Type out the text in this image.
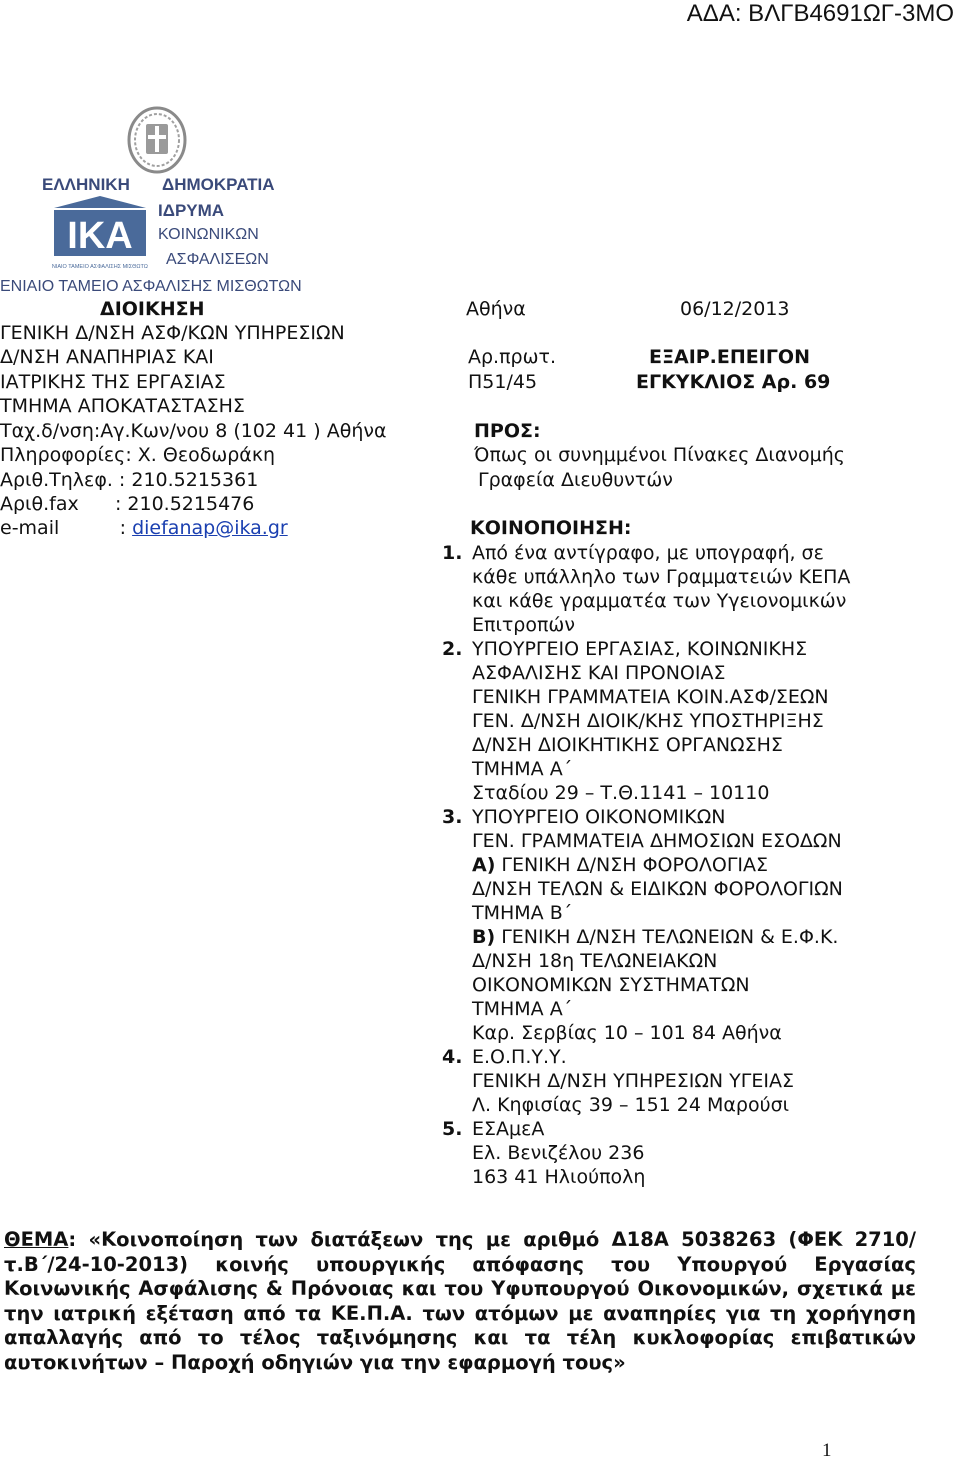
ΑΔΑ: ΒΛΓΒ4691ΩΓ-3ΜΟ
ΕΛΛΗΝΙΚΗ ΔΗΜΟΚΡΑΤΙΑ
ΙΚΑ
ΕΝΙΑΙΟ ΤΑΜΕΙΟ ΑΣΦΑΛΙΣΗΣ ΜΙΣΘΩΤΩΝ
ΙΔΡΥΜΑ
ΚΟΙΝΩΝΙΚΩΝ
ΑΣΦΑΛΙΣΕΩΝ
ΕΝΙΑΙΟ ΤΑΜΕΙΟ ΑΣΦΑΛΙΣΗΣ ΜΙΣΘΩΤΩΝ
ΔΙΟΙΚΗΣΗ
ΓΕΝΙΚΗ Δ/ΝΣΗ ΑΣΦ/ΚΩΝ ΥΠΗΡΕΣΙΩΝ
Δ/ΝΣΗ ΑΝΑΠΗΡΙΑΣ ΚΑΙ
ΙΑΤΡΙΚΗΣ ΤΗΣ ΕΡΓΑΣΙΑΣ
ΤΜΗΜΑ ΑΠΟΚΑΤΑΣΤΑΣΗΣ
Ταχ.δ/νση:Αγ.Κων/νου 8 (102 41 ) Αθήνα
Πληροφορίες: Χ. Θεοδωράκη
Αριθ.Τηλεφ. : 210.5215361
Αριθ.fax      : 210.5215476
e-mail          : diefanap@ika.gr
Αθήνα	06/12/2013
Αρ.πρωτ.	ΕΞΑΙΡ.ΕΠΕΙΓΟΝ
Π51/45	ΕΓΚΥΚΛΙΟΣ Αρ. 69
ΠΡΟΣ:
Όπως οι συνημμένοι Πίνακες Διανομής
Γραφεία Διευθυντών
ΚΟΙΝΟΠΟΙΗΣΗ:
1. Από ένα αντίγραφο, με υπογραφή, σε
κάθε υπάλληλο των Γραμματειών ΚΕΠΑ
και κάθε γραμματέα των Υγειονομικών
Επιτροπών
2. ΥΠΟΥΡΓΕΙΟ ΕΡΓΑΣΙΑΣ, ΚΟΙΝΩΝΙΚΗΣ
ΑΣΦΑΛΙΣΗΣ ΚΑΙ ΠΡΟΝΟΙΑΣ
ΓΕΝΙΚΗ ΓΡΑΜΜΑΤΕΙΑ ΚΟΙΝ.ΑΣΦ/ΣΕΩΝ
ΓΕΝ. Δ/ΝΣΗ ΔΙΟΙΚ/ΚΗΣ ΥΠΟΣΤΗΡΙΞΗΣ
Δ/ΝΣΗ ΔΙΟΙΚΗΤΙΚΗΣ ΟΡΓΑΝΩΣΗΣ
ΤΜΗΜΑ Α΄
Σταδίου 29 – Τ.Θ.1141 – 10110
3. ΥΠΟΥΡΓΕΙΟ ΟΙΚΟΝΟΜΙΚΩΝ
ΓΕΝ. ΓΡΑΜΜΑΤΕΙΑ ΔΗΜΟΣΙΩΝ ΕΣΟΔΩΝ
Α) ΓΕΝΙΚΗ Δ/ΝΣΗ ΦΟΡΟΛΟΓΙΑΣ
Δ/ΝΣΗ ΤΕΛΩΝ & ΕΙΔΙΚΩΝ ΦΟΡΟΛΟΓΙΩΝ
ΤΜΗΜΑ Β΄
Β) ΓΕΝΙΚΗ Δ/ΝΣΗ ΤΕΛΩΝΕΙΩΝ & Ε.Φ.Κ.
Δ/ΝΣΗ 18η ΤΕΛΩΝΕΙΑΚΩΝ
ΟΙΚΟΝΟΜΙΚΩΝ ΣΥΣΤΗΜΑΤΩΝ
ΤΜΗΜΑ Α΄
Καρ. Σερβίας 10 – 101 84 Αθήνα
4. Ε.Ο.Π.Υ.Υ.
ΓΕΝΙΚΗ Δ/ΝΣΗ ΥΠΗΡΕΣΙΩΝ ΥΓΕΙΑΣ
Λ. Κηφισίας 39 – 151 24 Μαρούσι
5. ΕΣΑμεΑ
Ελ. Βενιζέλου 236
163 41 Ηλιούπολη
ΘΕΜΑ: «Κοινοποίηση των διατάξεων της με αριθμό Δ18Α 5038263 (ΦΕΚ 2710/τ.Β΄/24-10-2013) κοινής υπουργικής απόφασης του Υπουργού Εργασίας Κοινωνικής Ασφάλισης & Πρόνοιας και του Υφυπουργού Οικονομικών, σχετικά με την ιατρική εξέταση από τα ΚΕ.Π.Α. των ατόμων με αναπηρίες για τη χορήγηση απαλλαγής από το τέλος ταξινόμησης και τα τέλη κυκλοφορίας επιβατικών αυτοκινήτων – Παροχή οδηγιών για την εφαρμογή τους»
1
